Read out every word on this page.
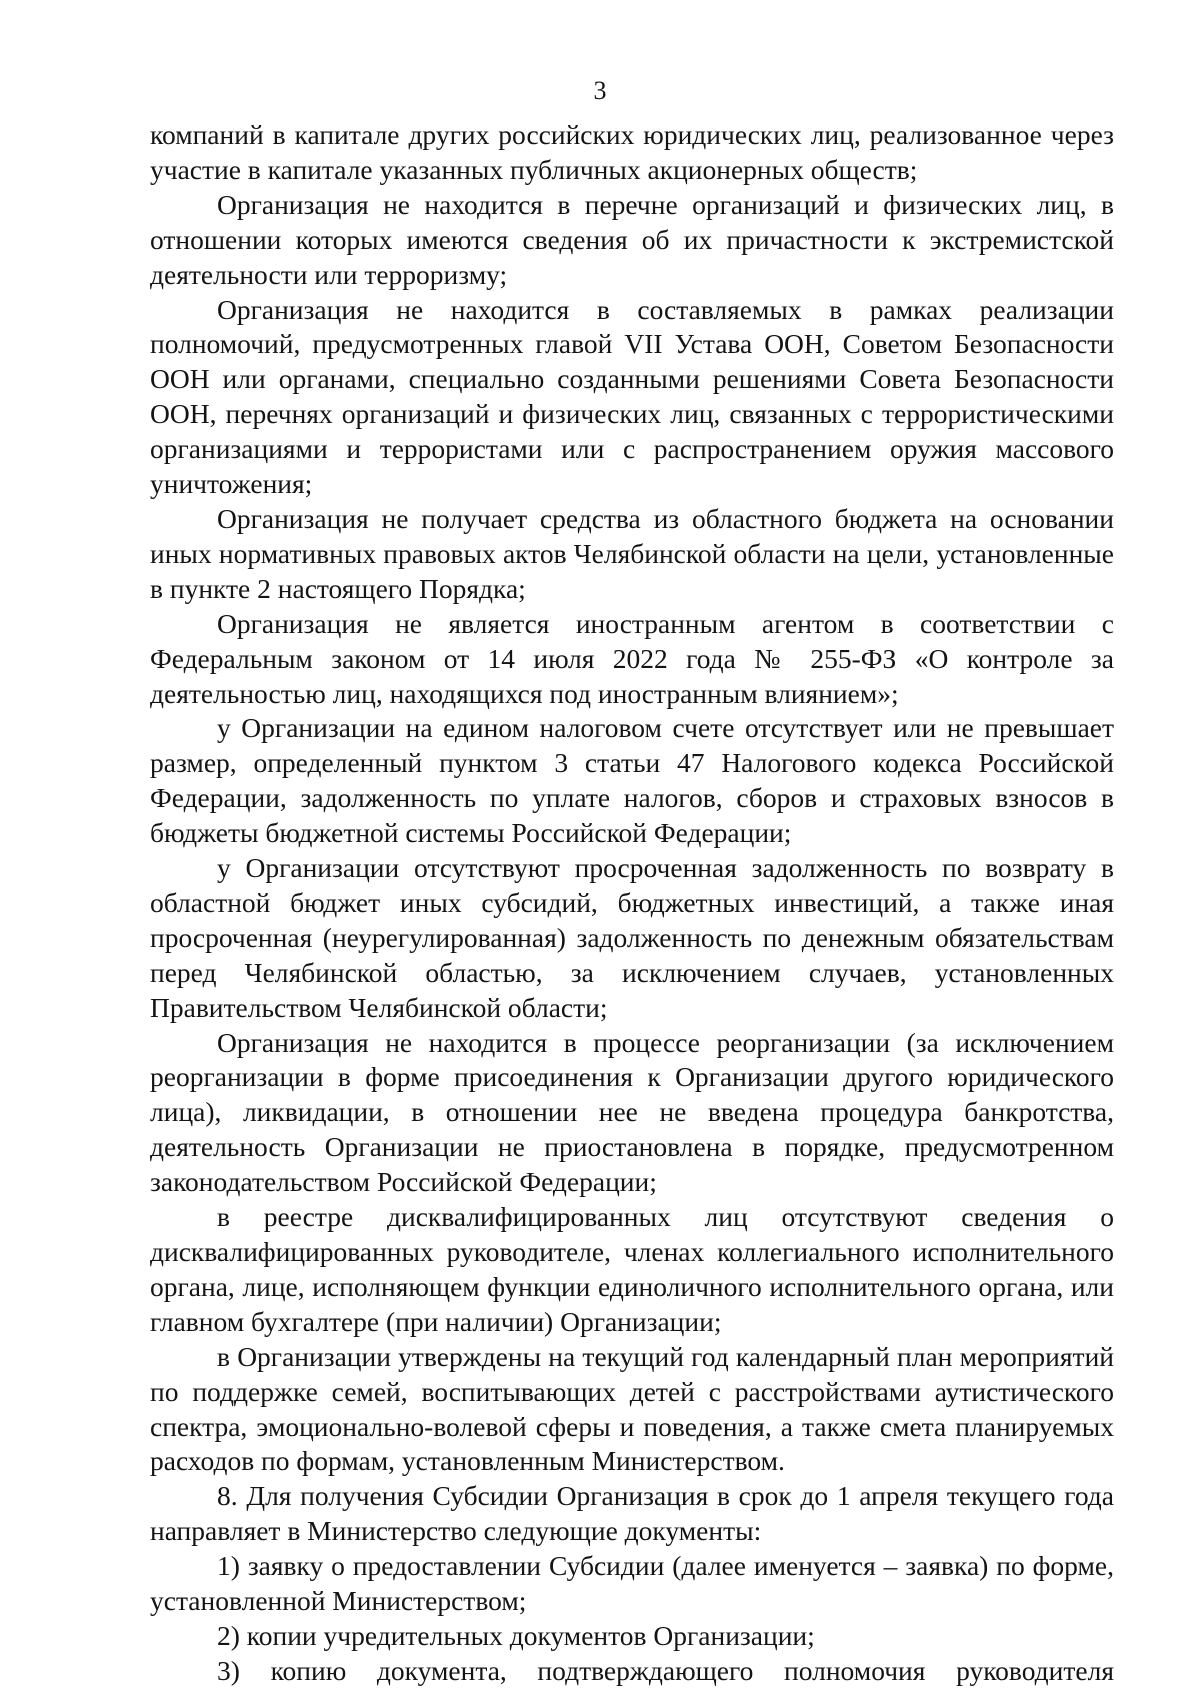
3

компаний в капитале других российских юридических лиц, реализованное через участие в капитале указанных публичных акционерных обществ;

Организация не находится в перечне организаций и физических лиц, в отношении которых имеются сведения об их причастности к экстремистской деятельности или терроризму;

Организация не находится в составляемых в рамках реализации полномочий, предусмотренных главой VII Устава ООН, Советом Безопасности ООН или органами, специально созданными решениями Совета Безопасности ООН, перечнях организаций и физических лиц, связанных с террористическими организациями и террористами или с распространением оружия массового уничтожения;

Организация не получает средства из областного бюджета на основании иных нормативных правовых актов Челябинской области на цели, установленные в пункте 2 настоящего Порядка;

Организация не является иностранным агентом в соответствии с Федеральным законом от 14 июля 2022 года № 255-ФЗ «О контроле за деятельностью лиц, находящихся под иностранным влиянием»;

у Организации на едином налоговом счете отсутствует или не превышает размер, определенный пунктом 3 статьи 47 Налогового кодекса Российской Федерации, задолженность по уплате налогов, сборов и страховых взносов в бюджеты бюджетной системы Российской Федерации;

у Организации отсутствуют просроченная задолженность по возврату в областной бюджет иных субсидий, бюджетных инвестиций, а также иная просроченная (неурегулированная) задолженность по денежным обязательствам перед Челябинской областью, за исключением случаев, установленных Правительством Челябинской области;

Организация не находится в процессе реорганизации (за исключением реорганизации в форме присоединения к Организации другого юридического лица), ликвидации, в отношении нее не введена процедура банкротства, деятельность Организации не приостановлена в порядке, предусмотренном законодательством Российской Федерации;

в реестре дисквалифицированных лиц отсутствуют сведения о дисквалифицированных руководителе, членах коллегиального исполнительного органа, лице, исполняющем функции единоличного исполнительного органа, или главном бухгалтере (при наличии) Организации;

в Организации утверждены на текущий год календарный план мероприятий по поддержке семей, воспитывающих детей с расстройствами аутистического спектра, эмоционально-волевой сферы и поведения, а также смета планируемых расходов по формам, установленным Министерством.

8. Для получения Субсидии Организация в срок до 1 апреля текущего года направляет в Министерство следующие документы:

1) заявку о предоставлении Субсидии (далее именуется – заявка) по форме, установленной Министерством;

2) копии учредительных документов Организации;

3) копию документа, подтверждающего полномочия руководителя
